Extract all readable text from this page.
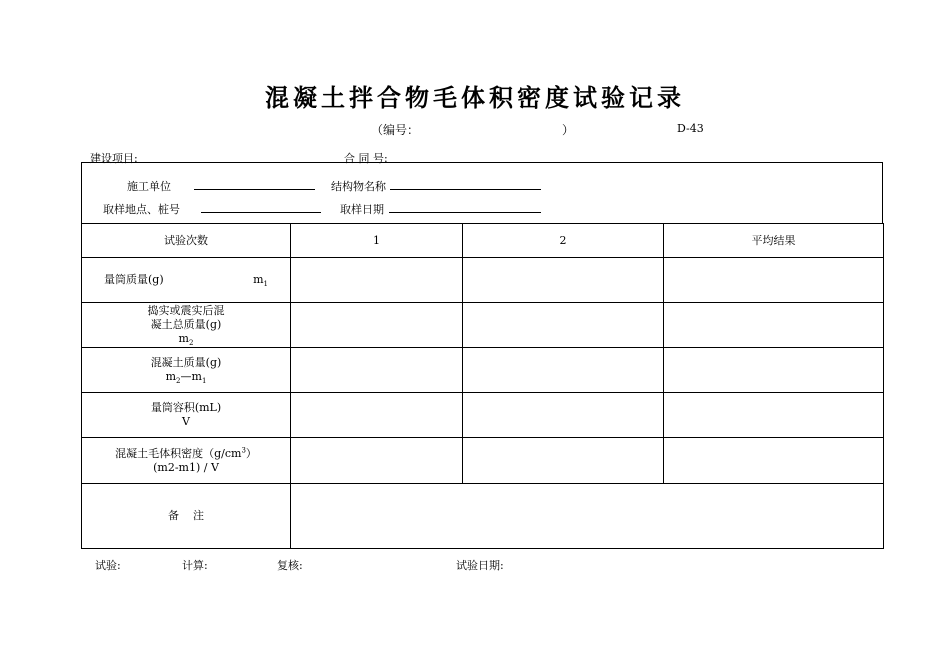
混凝土拌合物毛体积密度试验记录
（编号：	）	D-43
建设项目:	合 同 号:
施工单位	结构物名称
取样地点、桩号	取样日期
试验次数	1	2	平均结果

量筒质量(g) $m_1$

捣实或震实后混
凝土总质量(g)
$m_2$

混凝土质量(g)
$m_2—m_1$

量筒容积(mL)
V			

混凝土毛体积密度$(g/cm^3)$
(m2-m1) / V			

备    注			
试验:	计算:	复核:	试验日期:
